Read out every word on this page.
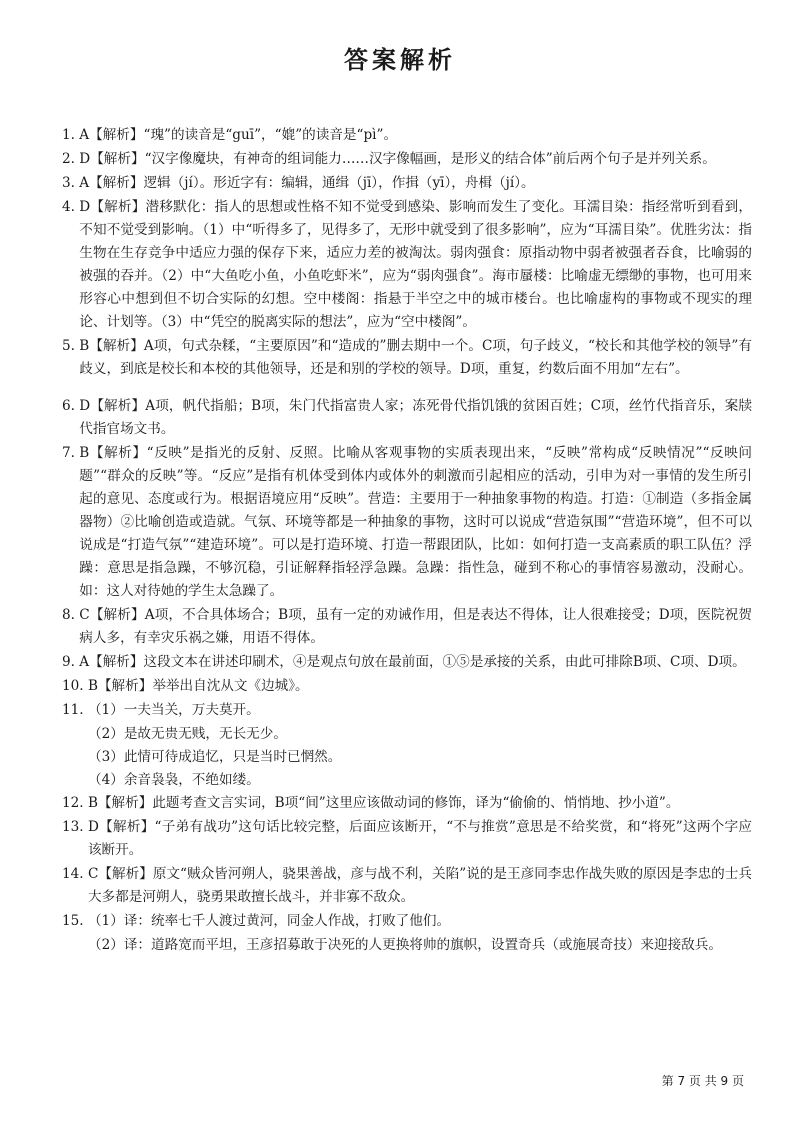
答案解析
1. A【解析】“瑰”的读音是“guī”，“媲”的读音是“pì”。
2. D【解析】“汉字像魔块，有神奇的组词能力……汉字像幅画，是形义的结合体”前后两个句子是并列关系。
3. A【解析】逻辑（jí）。形近字有：编辑，通缉（jī），作揖（yī），舟楫（jí）。
4. D【解析】潜移默化：指人的思想或性格不知不觉受到感染、影响而发生了变化。耳濡目染：指经常听到看到，不知不觉受到影响。（1）中“听得多了，见得多了，无形中就受到了很多影响”，应为“耳濡目染”。优胜劣汰：指生物在生存竞争中适应力强的保存下来，适应力差的被淘汰。弱肉强食：原指动物中弱者被强者吞食，比喻弱的被强的吞并。（2）中“大鱼吃小鱼，小鱼吃虾米”，应为“弱肉强食”。海市蜃楼：比喻虚无缥缈的事物，也可用来形容心中想到但不切合实际的幻想。空中楼阁：指悬于半空之中的城市楼台。也比喻虚构的事物或不现实的理论、计划等。（3）中“凭空的脱离实际的想法”，应为“空中楼阁”。
5. B【解析】A项，句式杂糅，“主要原因”和“造成的”删去期中一个。C项，句子歧义，“校长和其他学校的领导”有歧义，到底是校长和本校的其他领导，还是和别的学校的领导。D项，重复，约数后面不用加“左右”。
6. D【解析】A项，帆代指船；B项，朱门代指富贵人家；冻死骨代指饥饿的贫困百姓；C项，丝竹代指音乐，案牍代指官场文书。
7. B【解析】“反映”是指光的反射、反照。比喻从客观事物的实质表现出来，“反映”常构成“反映情况”“反映问题”“群众的反映”等。“反应”是指有机体受到体内或体外的刺激而引起相应的活动，引申为对一事情的发生所引起的意见、态度或行为。根据语境应用“反映”。营造：主要用于一种抽象事物的构造。打造：①制造（多指金属器物）②比喻创造或造就。气氛、环境等都是一种抽象的事物，这时可以说成“营造氛围”“营造环境”，但不可以说成是“打造气氛”“建造环境”。可以是打造环境、打造一帮跟团队，比如：如何打造一支高素质的职工队伍？浮躁：意思是指急躁，不够沉稳，引证解释指轻浮急躁。急躁：指性急，碰到不称心的事情容易激动，没耐心。如：这人对待她的学生太急躁了。
8. C【解析】A项，不合具体场合；B项，虽有一定的劝诫作用，但是表达不得体，让人很难接受；D项，医院祝贺病人多，有幸灾乐祸之嫌，用语不得体。
9. A【解析】这段文本在讲述印刷术，④是观点句放在最前面，①⑤是承接的关系，由此可排除B项、C项、D项。
10. B【解析】举举出自沈从文《边城》。
11. （1）一夫当关，万夫莫开。
（2）是故无贵无贱，无长无少。
（3）此情可待成追忆，只是当时已惘然。
（4）余音袅袅，不绝如缕。
12. B【解析】此题考查文言实词，B项“间”这里应该做动词的修饰，译为“偷偷的、悄悄地、抄小道”。
13. D【解析】“子弟有战功”这句话比较完整，后面应该断开，“不与推赏”意思是不给奖赏，和“将死”这两个字应该断开。
14. C【解析】原文“贼众皆河朔人，骁果善战，彦与战不利，关陷”说的是王彦同李忠作战失败的原因是李忠的士兵大多都是河朔人，骁勇果敢擅长战斗，并非寡不敌众。
15. （1）译：统率七千人渡过黄河，同金人作战，打败了他们。
（2）译：道路宽而平坦，王彦招募敢于决死的人更换将帅的旗帜，设置奇兵（或施展奇技）来迎接敌兵。
第 7 页 共 9 页
